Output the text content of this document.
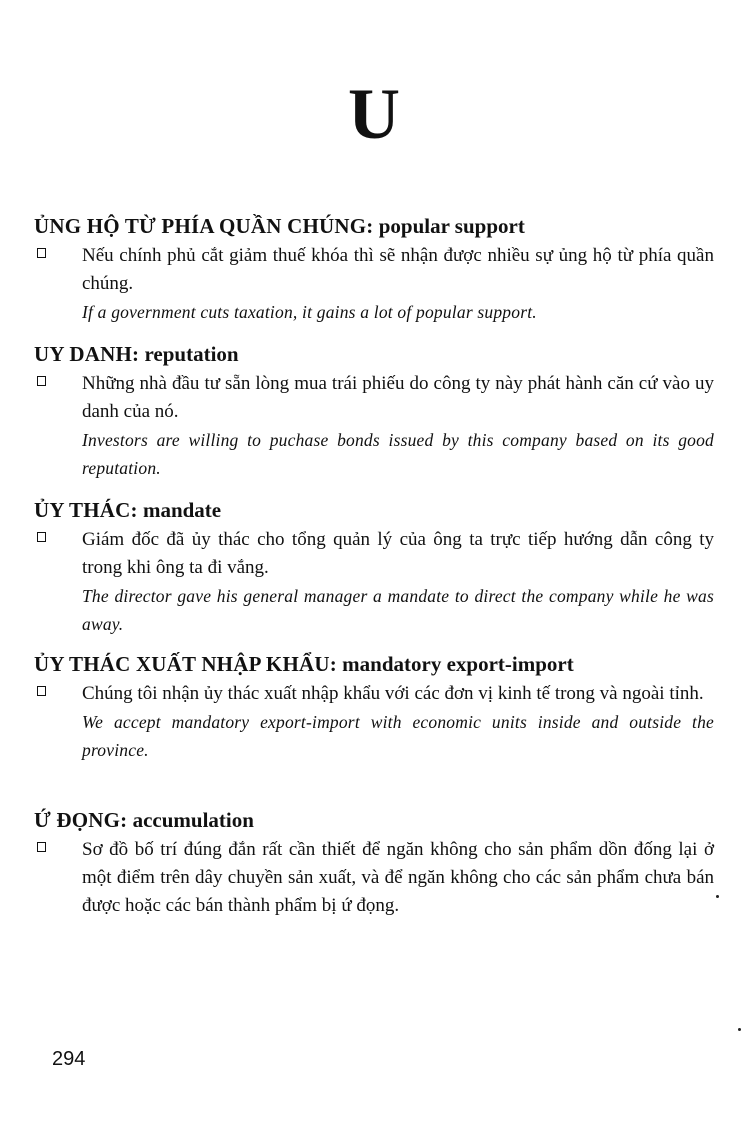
U
ỦNG HỘ TỪ PHÍA QUẦN CHÚNG: popular support
Nếu chính phủ cắt giảm thuế khóa thì sẽ nhận được nhiều sự ủng hộ từ phía quần chúng.
If a government cuts taxation, it gains a lot of popular support.
UY DANH: reputation
Những nhà đầu tư sẵn lòng mua trái phiếu do công ty này phát hành căn cứ vào uy danh của nó.
Investors are willing to puchase bonds issued by this company based on its good reputation.
ỦY THÁC: mandate
Giám đốc đã ủy thác cho tổng quản lý của ông ta trực tiếp hướng dẫn công ty trong khi ông ta đi vắng.
The director gave his general manager a mandate to direct the company while he was away.
ỦY THÁC XUẤT NHẬP KHẨU: mandatory export-import
Chúng tôi nhận ủy thác xuất nhập khẩu với các đơn vị kinh tế trong và ngoài tỉnh.
We accept mandatory export-import with economic units inside and outside the province.
Ứ ĐỌNG: accumulation
Sơ đồ bố trí đúng đắn rất cần thiết để ngăn không cho sản phẩm dồn đống lại ở một điểm trên dây chuyền sản xuất, và để ngăn không cho các sản phẩm chưa bán được hoặc các bán thành phẩm bị ứ đọng.
294
